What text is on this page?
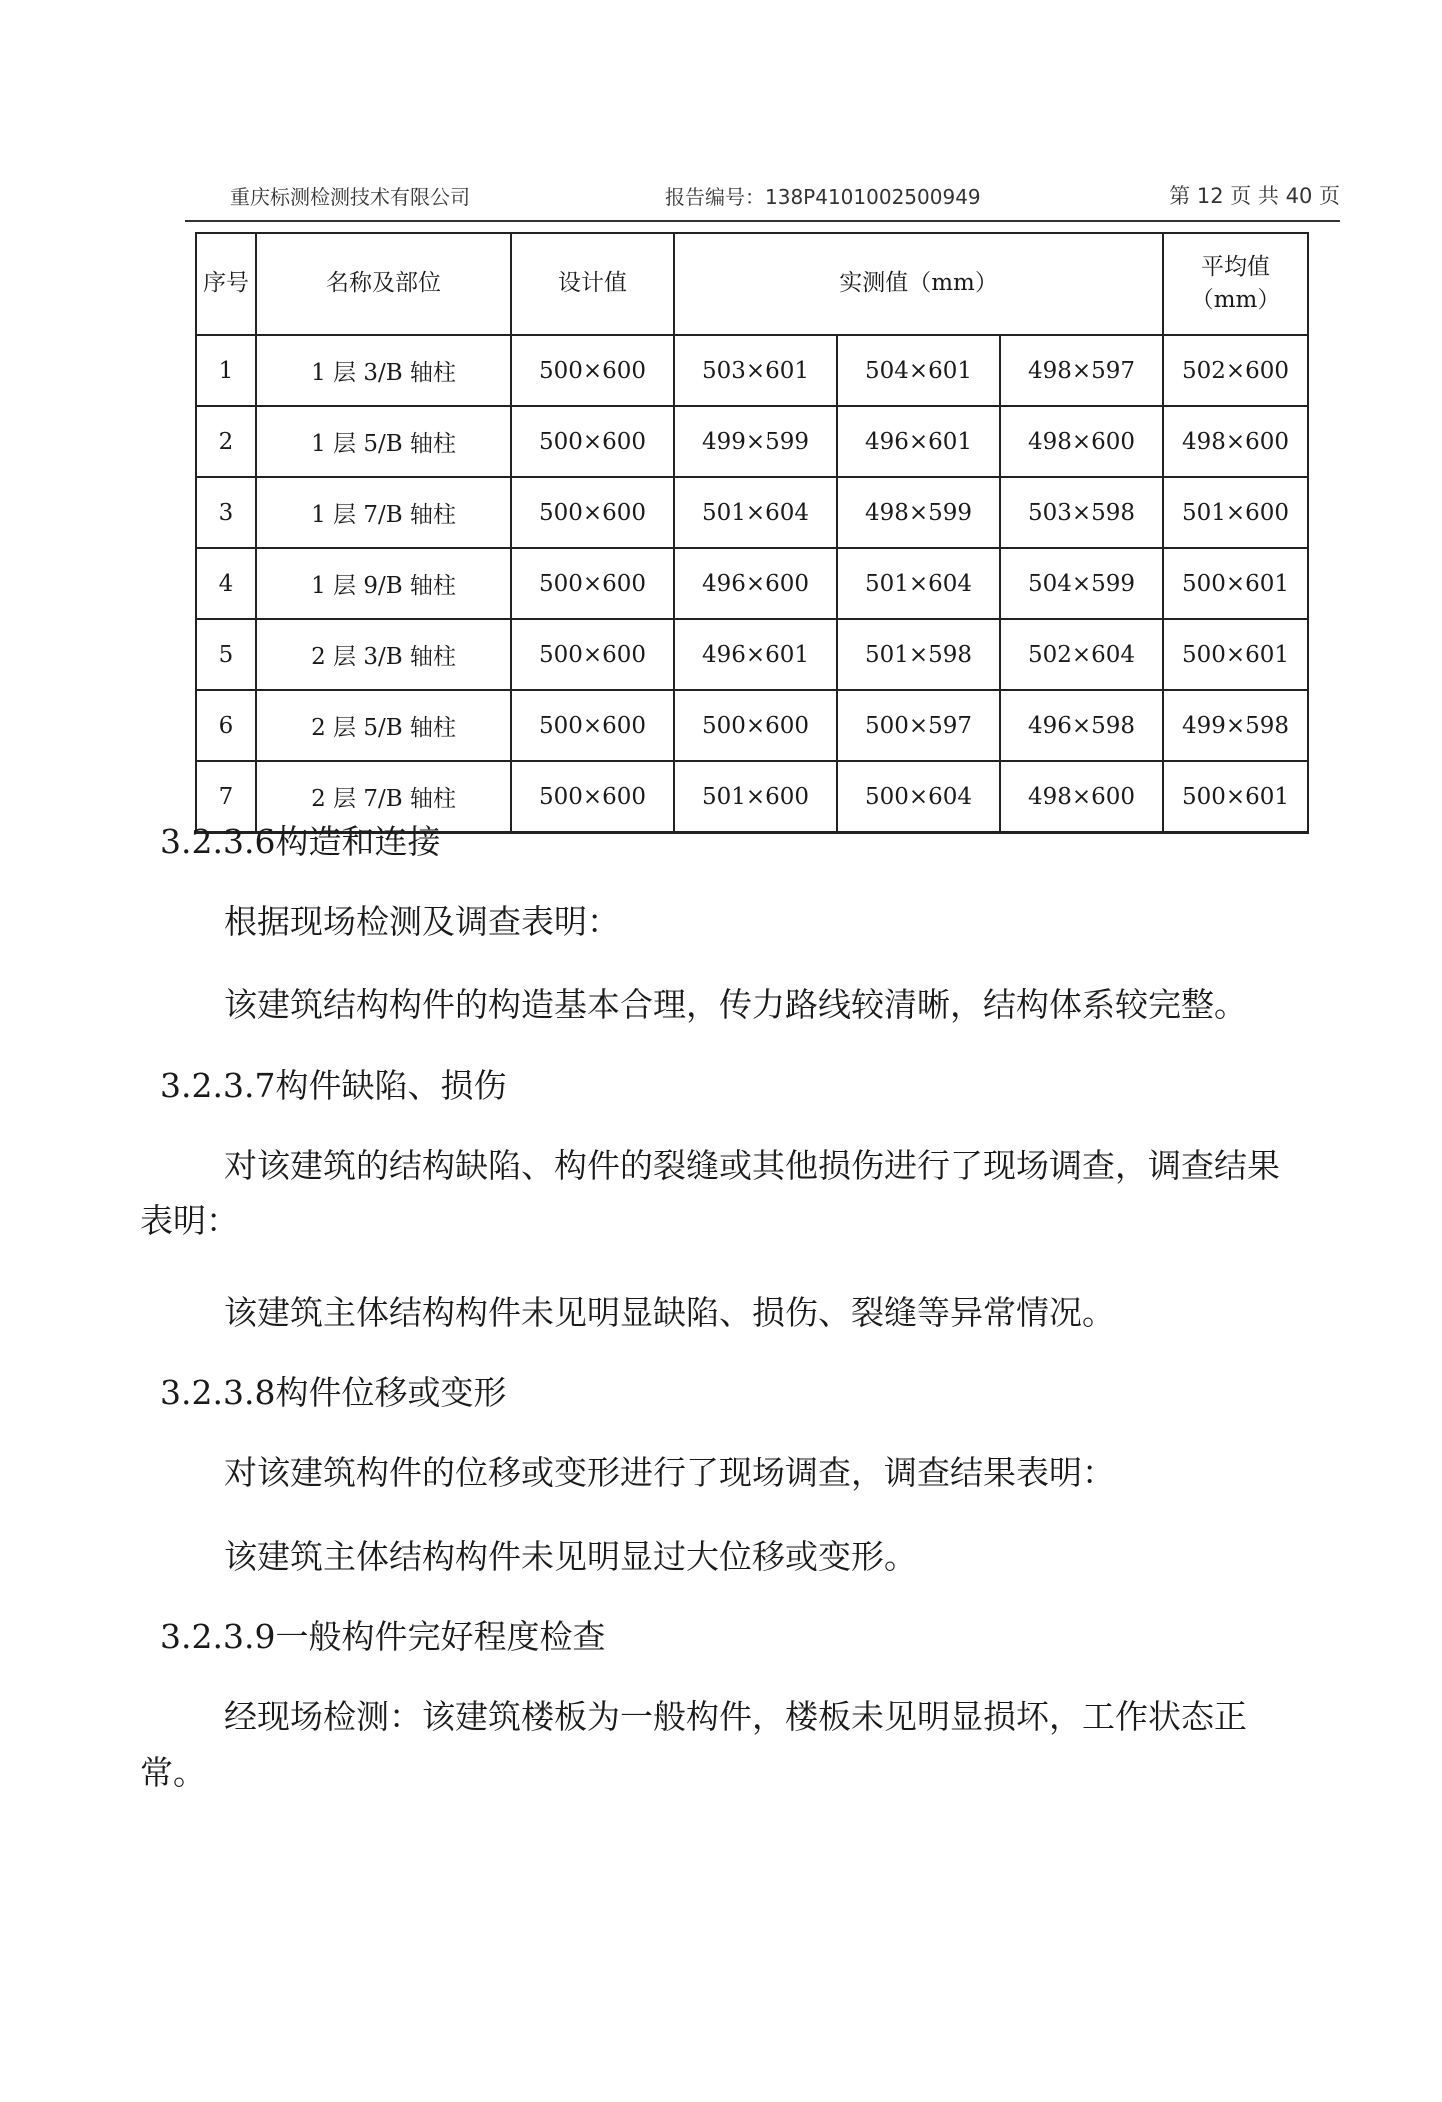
重庆标测检测技术有限公司	报告编号：138P4101002500949	第 12 页 共 40 页
序号	名称及部位	设计值	实测值（mm）			平均值
（mm）

1	1 层 3/B 轴柱	500×600	503×601	504×601	498×597	502×600
2	1 层 5/B 轴柱	500×600	499×599	496×601	498×600	498×600
3	1 层 7/B 轴柱	500×600	501×604	498×599	503×598	501×600
4	1 层 9/B 轴柱	500×600	496×600	501×604	504×599	500×601
5	2 层 3/B 轴柱	500×600	496×601	501×598	502×604	500×601
6	2 层 5/B 轴柱	500×600	500×600	500×597	496×598	499×598
7	2 层 7/B 轴柱	500×600	501×600	500×604	498×600	500×601
3.2.3.6构造和连接
根据现场检测及调查表明：
该建筑结构构件的构造基本合理，传力路线较清晰，结构体系较完整。
3.2.3.7构件缺陷、损伤
对该建筑的结构缺陷、构件的裂缝或其他损伤进行了现场调查，调查结果表明：
该建筑主体结构构件未见明显缺陷、损伤、裂缝等异常情况。
3.2.3.8构件位移或变形
对该建筑构件的位移或变形进行了现场调查，调查结果表明：
该建筑主体结构构件未见明显过大位移或变形。
3.2.3.9一般构件完好程度检查
经现场检测：该建筑楼板为一般构件，楼板未见明显损坏，工作状态正常。
